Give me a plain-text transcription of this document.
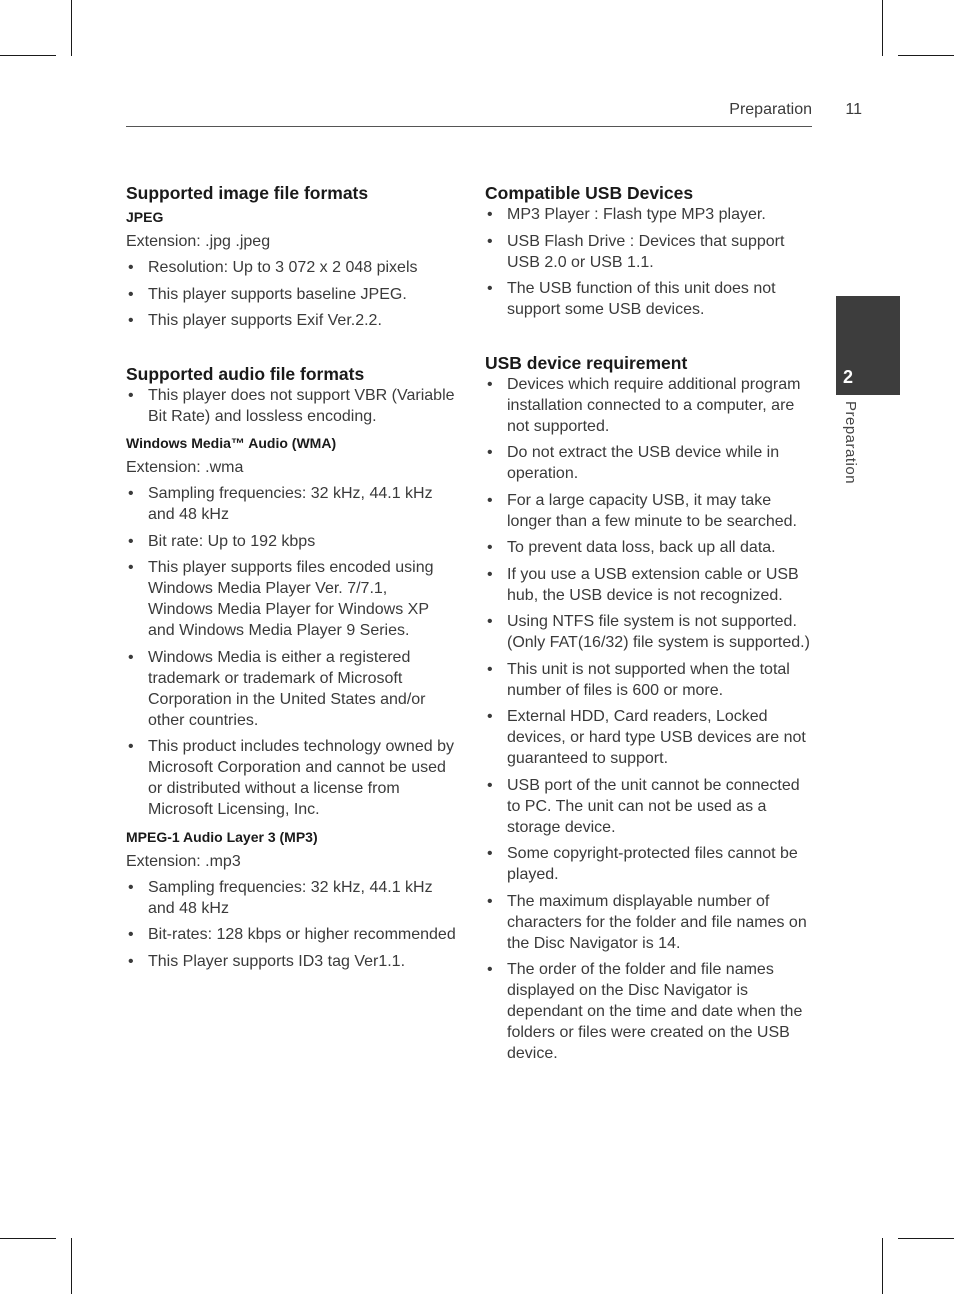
Preparation	11
2
Preparation
Supported image file formats
JPEG
Extension: .jpg .jpeg
• Resolution: Up to 3 072 x 2 048 pixels
• This player supports baseline JPEG.
• This player supports Exif Ver.2.2.
Supported audio file formats
• This player does not support VBR (Variable Bit Rate) and lossless encoding.
Windows Media™ Audio (WMA)
Extension: .wma
• Sampling frequencies: 32 kHz, 44.1 kHz and 48 kHz
• Bit rate: Up to 192 kbps
• This player supports files encoded using Windows Media Player Ver. 7/7.1, Windows Media Player for Windows XP and Windows Media Player 9 Series.
• Windows Media is either a registered trademark or trademark of Microsoft Corporation in the United States and/or other countries.
• This product includes technology owned by Microsoft Corporation and cannot be used or distributed without a license from Microsoft Licensing, Inc.
MPEG-1 Audio Layer 3 (MP3)
Extension: .mp3
• Sampling frequencies: 32 kHz, 44.1 kHz and 48 kHz
• Bit-rates: 128 kbps or higher recommended
• This Player supports ID3 tag Ver1.1.
Compatible USB Devices
• MP3 Player : Flash type MP3 player.
• USB Flash Drive : Devices that support USB 2.0 or USB 1.1.
• The USB function of this unit does not support some USB devices.
USB device requirement
• Devices which require additional program installation connected to a computer, are not supported.
• Do not extract the USB device while in operation.
• For a large capacity USB, it may take longer than a few minute to be searched.
• To prevent data loss, back up all data.
• If you use a USB extension cable or USB hub, the USB device is not recognized.
• Using NTFS file system is not supported. (Only FAT(16/32) file system is supported.)
• This unit is not supported when the total number of files is 600 or more.
• External HDD, Card readers, Locked devices, or hard type USB devices are not guaranteed to support.
• USB port of the unit cannot be connected to PC. The unit can not be used as a storage device.
• Some copyright-protected files cannot be played.
• The maximum displayable number of characters for the folder and file names on the Disc Navigator is 14.
• The order of the folder and file names displayed on the Disc Navigator is dependant on the time and date when the folders or files were created on the USB device.
